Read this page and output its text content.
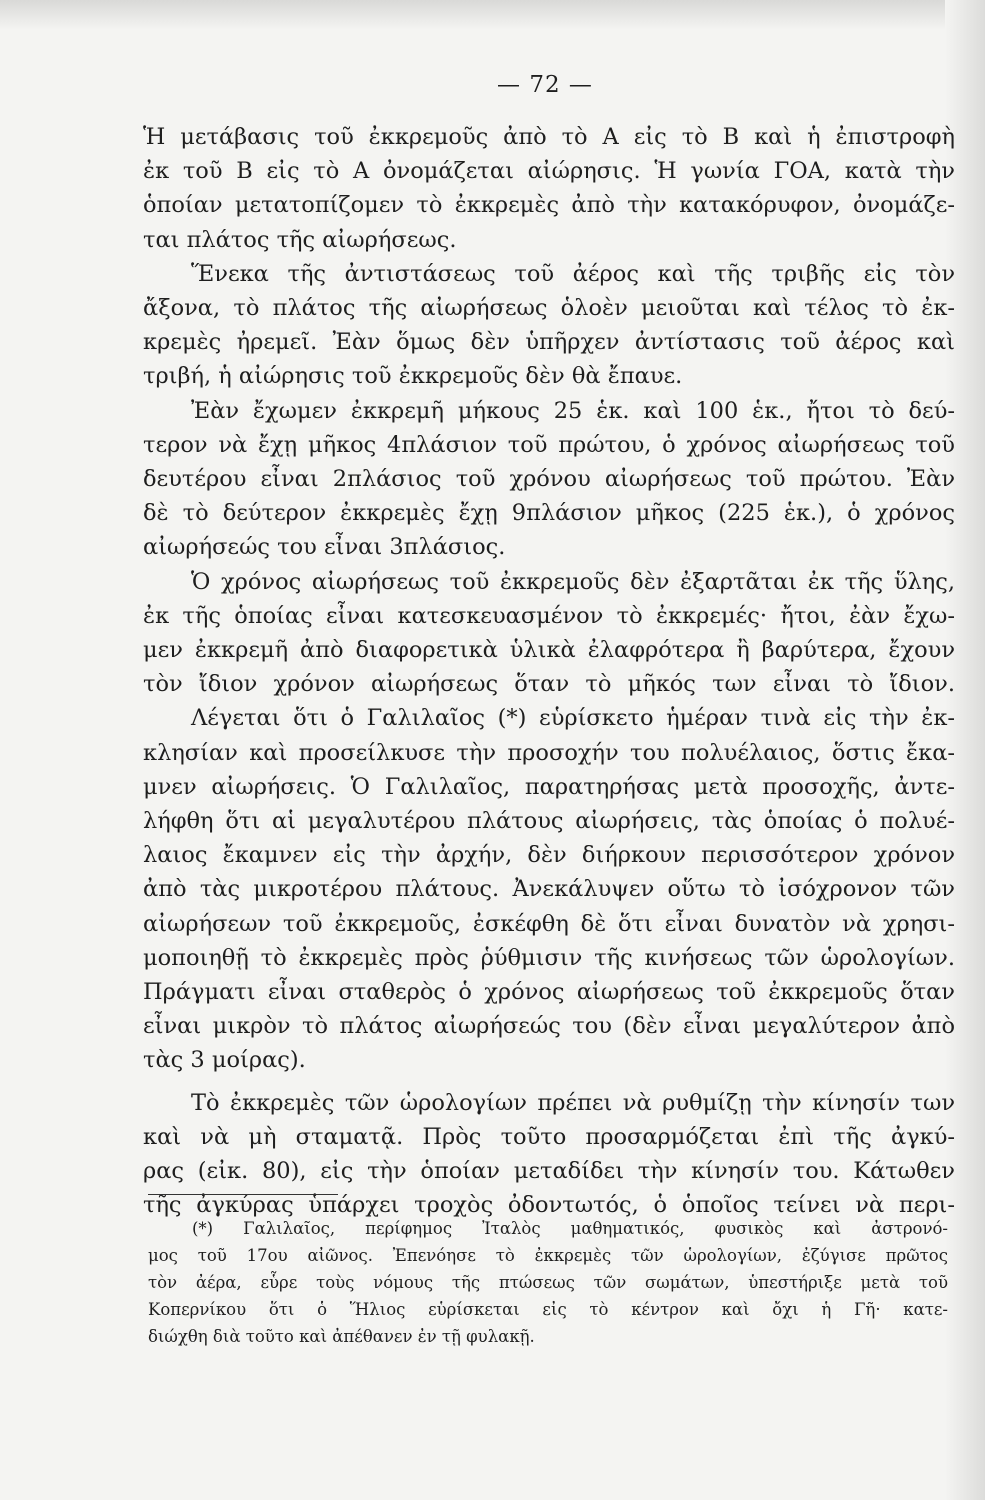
— 72 —
Ἡ μετάβασις τοῦ ἐκκρεμοῦς ἀπὸ τὸ Α εἰς τὸ Β καὶ ἡ ἐπιστροφὴ
ἐκ τοῦ Β εἰς τὸ Α ὀνομάζεται αἰώρησις. Ἡ γωνία ΓΟΑ, κατὰ τὴν
ὁποίαν μετατοπίζομεν τὸ ἐκκρεμὲς ἀπὸ τὴν κατακόρυφον, ὀνομάζε-
ται πλάτος τῆς αἰωρήσεως.
Ἕνεκα τῆς ἀντιστάσεως τοῦ ἀέρος καὶ τῆς τριβῆς εἰς τὸν
ἄξονα, τὸ πλάτος τῆς αἰωρήσεως ὁλοὲν μειοῦται καὶ τέλος τὸ ἐκ-
κρεμὲς ἠρεμεῖ. Ἐὰν ὅμως δὲν ὑπῆρχεν ἀντίστασις τοῦ ἀέρος καὶ
τριβή, ἡ αἰώρησις τοῦ ἐκκρεμοῦς δὲν θὰ ἔπαυε.
Ἐὰν ἔχωμεν ἐκκρεμῆ μήκους 25 ἑκ. καὶ 100 ἑκ., ἤτοι τὸ δεύ-
τερον νὰ ἔχῃ μῆκος 4πλάσιον τοῦ πρώτου, ὁ χρόνος αἰωρήσεως τοῦ
δευτέρου εἶναι 2πλάσιος τοῦ χρόνου αἰωρήσεως τοῦ πρώτου. Ἐὰν
δὲ τὸ δεύτερον ἐκκρεμὲς ἔχῃ 9πλάσιον μῆκος (225 ἑκ.), ὁ χρόνος
αἰωρήσεώς του εἶναι 3πλάσιος.
Ὁ χρόνος αἰωρήσεως τοῦ ἐκκρεμοῦς δὲν ἐξαρτᾶται ἐκ τῆς ὕλης,
ἐκ τῆς ὁποίας εἶναι κατεσκευασμένον τὸ ἐκκρεμές· ἤτοι, ἐὰν ἔχω-
μεν ἐκκρεμῆ ἀπὸ διαφορετικὰ ὑλικὰ ἐλαφρότερα ἢ βαρύτερα, ἔχουν
τὸν ἴδιον χρόνον αἰωρήσεως ὅταν τὸ μῆκός των εἶναι τὸ ἴδιον.
Λέγεται ὅτι ὁ Γαλιλαῖος (*) εὑρίσκετο ἡμέραν τινὰ εἰς τὴν ἐκ-
κλησίαν καὶ προσείλκυσε τὴν προσοχήν του πολυέλαιος, ὅστις ἔκα-
μνεν αἰωρήσεις. Ὁ Γαλιλαῖος, παρατηρήσας μετὰ προσοχῆς, ἀντε-
λήφθη ὅτι αἱ μεγαλυτέρου πλάτους αἰωρήσεις, τὰς ὁποίας ὁ πολυέ-
λαιος ἔκαμνεν εἰς τὴν ἀρχήν, δὲν διήρκουν περισσότερον χρόνον
ἀπὸ τὰς μικροτέρου πλάτους. Ἀνεκάλυψεν οὕτω τὸ ἰσόχρονον τῶν
αἰωρήσεων τοῦ ἐκκρεμοῦς, ἐσκέφθη δὲ ὅτι εἶναι δυνατὸν νὰ χρησι-
μοποιηθῇ τὸ ἐκκρεμὲς πρὸς ῥύθμισιν τῆς κινήσεως τῶν ὡρολογίων.
Πράγματι εἶναι σταθερὸς ὁ χρόνος αἰωρήσεως τοῦ ἐκκρεμοῦς ὅταν
εἶναι μικρὸν τὸ πλάτος αἰωρήσεώς του (δὲν εἶναι μεγαλύτερον ἀπὸ
τὰς 3 μοίρας).
Τὸ ἐκκρεμὲς τῶν ὡρολογίων πρέπει νὰ ρυθμίζῃ τὴν κίνησίν των
καὶ νὰ μὴ σταματᾷ. Πρὸς τοῦτο προσαρμόζεται ἐπὶ τῆς ἀγκύ-
ρας (εἰκ. 80), εἰς τὴν ὁποίαν μεταδίδει τὴν κίνησίν του. Κάτωθεν
τῆς ἀγκύρας ὑπάρχει τροχὸς ὀδοντωτός, ὁ ὁποῖος τείνει νὰ περι-
(*) Γαλιλαῖος, περίφημος Ἰταλὸς μαθηματικός, φυσικὸς καὶ ἀστρονό-
μος τοῦ 17ου αἰῶνος. Ἐπενόησε τὸ ἐκκρεμὲς τῶν ὡρολογίων, ἐζύγισε πρῶτος
τὸν ἀέρα, εὗρε τοὺς νόμους τῆς πτώσεως τῶν σωμάτων, ὑπεστήριξε μετὰ τοῦ
Κοπερνίκου ὅτι ὁ Ἥλιος εὑρίσκεται εἰς τὸ κέντρον καὶ ὄχι ἡ Γῆ· κατε-
διώχθη διὰ τοῦτο καὶ ἀπέθανεν ἐν τῇ φυλακῇ.
